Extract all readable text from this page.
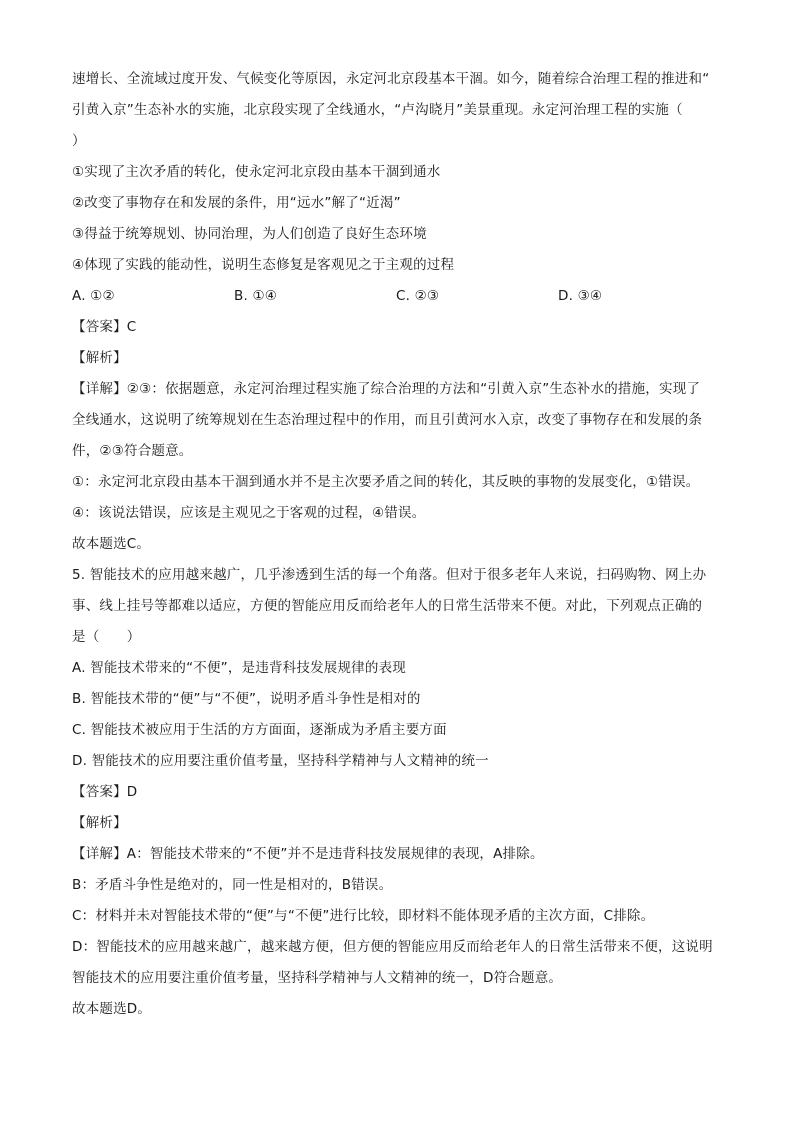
速增长、全流域过度开发、气候变化等原因，永定河北京段基本干涸。如今，随着综合治理工程的推进和“
引黄入京”生态补水的实施，北京段实现了全线通水，“卢沟晓月”美景重现。永定河治理工程的实施（
）
①实现了主次矛盾的转化，使永定河北京段由基本干涸到通水
②改变了事物存在和发展的条件，用“远水”解了“近渴”
③得益于统筹规划、协同治理，为人们创造了良好生态环境
④体现了实践的能动性，说明生态修复是客观见之于主观的过程
A. ①②	B. ①④	C. ②③	D. ③④
【答案】C
【解析】
【详解】②③：依据题意，永定河治理过程实施了综合治理的方法和“引黄入京”生态补水的措施，实现了
全线通水，这说明了统筹规划在生态治理过程中的作用，而且引黄河水入京，改变了事物存在和发展的条
件，②③符合题意。
①：永定河北京段由基本干涸到通水并不是主次要矛盾之间的转化，其反映的事物的发展变化，①错误。
④：该说法错误，应该是主观见之于客观的过程，④错误。
故本题选C。
5. 智能技术的应用越来越广，几乎渗透到生活的每一个角落。但对于很多老年人来说，扫码购物、网上办
事、线上挂号等都难以适应，方便的智能应用反而给老年人的日常生活带来不便。对此，下列观点正确的
是（　　）
A. 智能技术带来的“不便”，是违背科技发展规律的表现
B. 智能技术带的“便”与“不便”，说明矛盾斗争性是相对的
C. 智能技术被应用于生活的方方面面，逐渐成为矛盾主要方面
D. 智能技术的应用要注重价值考量，坚持科学精神与人文精神的统一
【答案】D
【解析】
【详解】A：智能技术带来的“不便”并不是违背科技发展规律的表现，A排除。
B：矛盾斗争性是绝对的，同一性是相对的，B错误。
C：材料并未对智能技术带的“便”与“不便”进行比较，即材料不能体现矛盾的主次方面，C排除。
D：智能技术的应用越来越广，越来越方便，但方便的智能应用反而给老年人的日常生活带来不便，这说明
智能技术的应用要注重价值考量，坚持科学精神与人文精神的统一，D符合题意。
故本题选D。
